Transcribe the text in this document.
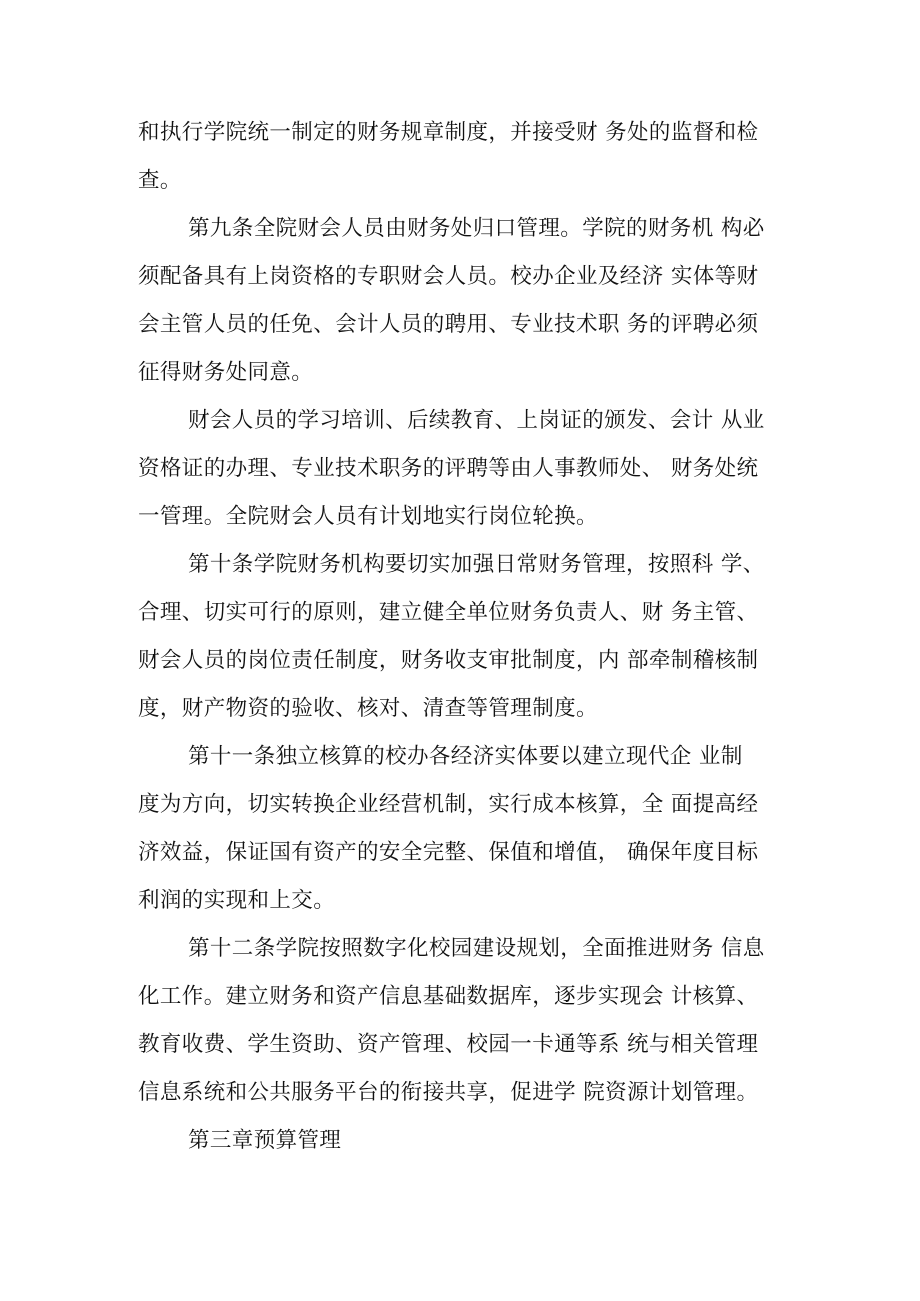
和执行学院统一制定的财务规章制度，并接受财 务处的监督和检
查。
第九条全院财会人员由财务处归口管理。学院的财务机 构必
须配备具有上岗资格的专职财会人员。校办企业及经济 实体等财
会主管人员的任免、会计人员的聘用、专业技术职 务的评聘必须
征得财务处同意。
财会人员的学习培训、后续教育、上岗证的颁发、会计 从业
资格证的办理、专业技术职务的评聘等由人事教师处、 财务处统
一管理。全院财会人员有计划地实行岗位轮换。
第十条学院财务机构要切实加强日常财务管理，按照科 学、
合理、切实可行的原则，建立健全单位财务负责人、财 务主管、
财会人员的岗位责任制度，财务收支审批制度，内 部牵制稽核制
度，财产物资的验收、核对、清查等管理制度。
第十一条独立核算的校办各经济实体要以建立现代企 业制
度为方向，切实转换企业经营机制，实行成本核算，全 面提高经
济效益，保证国有资产的安全完整、保值和增值， 确保年度目标
利润的实现和上交。
第十二条学院按照数字化校园建设规划，全面推进财务 信息
化工作。建立财务和资产信息基础数据库，逐步实现会 计核算、
教育收费、学生资助、资产管理、校园一卡通等系 统与相关管理
信息系统和公共服务平台的衔接共享，促进学 院资源计划管理。
第三章预算管理
